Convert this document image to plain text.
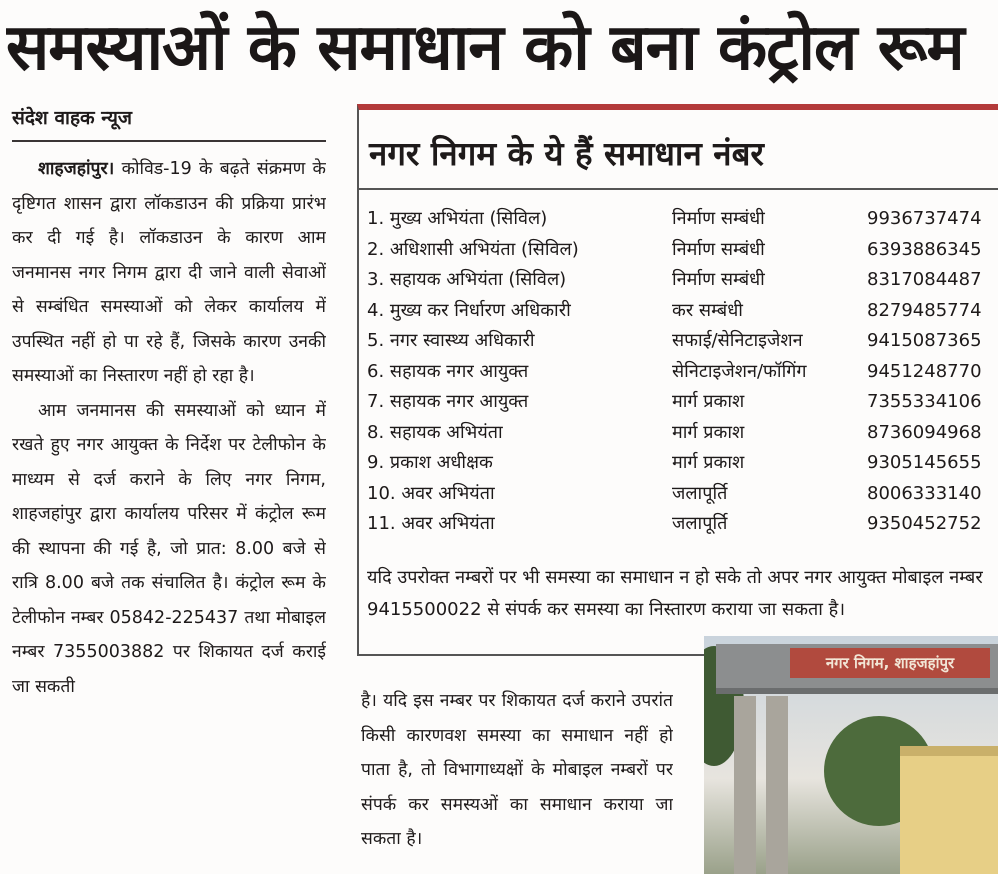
समस्याओं के समाधान को बना कंट्रोल रूम
संदेश वाहक न्यूज

शाहजहांपुर। कोविड-19 के बढ़ते संक्रमण के दृष्टिगत शासन द्वारा लॉकडाउन की प्रक्रिया प्रारंभ कर दी गई है। लॉकडाउन के कारण आम जनमानस नगर निगम द्वारा दी जाने वाली सेवाओं से सम्बंधित समस्याओं को लेकर कार्यालय में उपस्थित नहीं हो पा रहे हैं, जिसके कारण उनकी समस्याओं का निस्तारण नहीं हो रहा है।

आम जनमानस की समस्याओं को ध्यान में रखते हुए नगर आयुक्त के निर्देश पर टेलीफोन के माध्यम से दर्ज कराने के लिए नगर निगम, शाहजहांपुर द्वारा कार्यालय परिसर में कंट्रोल रूम की स्थापना की गई है, जो प्रात: 8.00 बजे से रात्रि 8.00 बजे तक संचालित है। कंट्रोल रूम के टेलीफोन नम्बर 05842-225437 तथा मोबाइल नम्बर 7355003882 पर शिकायत दर्ज कराई जा सकती

नगर निगम के ये हैं समाधान नंबर
1. मुख्य अभियंता (सिविल)	निर्माण सम्बंधी	9936737474
2. अधिशासी अभियंता (सिविल)	निर्माण सम्बंधी	6393886345
3. सहायक अभियंता (सिविल)	निर्माण सम्बंधी	8317084487
4. मुख्य कर निर्धारण अधिकारी	कर सम्बंधी	8279485774
5. नगर स्वास्थ्य अधिकारी	सफाई/सेनिटाइजेशन	9415087365
6. सहायक नगर आयुक्त	सेनिटाइजेशन/फॉगिंग	9451248770
7. सहायक नगर आयुक्त	मार्ग प्रकाश	7355334106
8. सहायक अभियंता	मार्ग प्रकाश	8736094968
9. प्रकाश अधीक्षक	मार्ग प्रकाश	9305145655
10. अवर अभियंता	जलापूर्ति	8006333140
11. अवर अभियंता	जलापूर्ति	9350452752
यदि उपरोक्त नम्बरों पर भी समस्या का समाधान न हो सके तो अपर नगर आयुक्त मोबाइल नम्बर 9415500022 से संपर्क कर समस्या का निस्तारण कराया जा सकता है।

है। यदि इस नम्बर पर शिकायत दर्ज कराने उपरांत किसी कारणवश समस्या का समाधान नहीं हो पाता है, तो विभागाध्यक्षों के मोबाइल नम्बरों पर संपर्क कर समस्यओं का समाधान कराया जा सकता है।

नगर निगम, शाहजहांपुर
